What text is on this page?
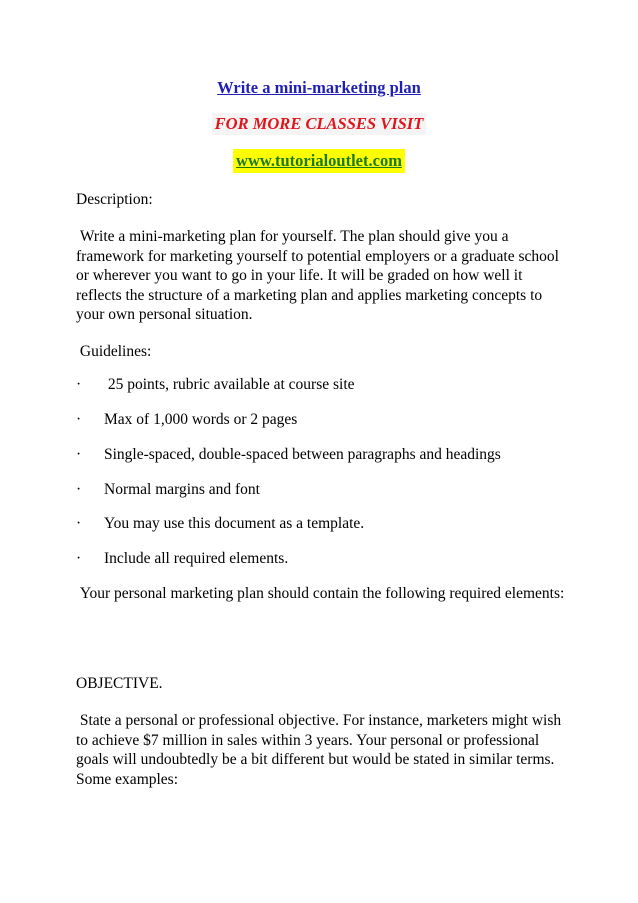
Write a mini-marketing plan
FOR MORE CLASSES VISIT
www.tutorialoutlet.com

Description:

Write a mini-marketing plan for yourself. The plan should give you a framework for marketing yourself to potential employers or a graduate school or wherever you want to go in your life. It will be graded on how well it reflects the structure of a marketing plan and applies marketing concepts to your own personal situation.

Guidelines:

· 25 points, rubric available at course site
· Max of 1,000 words or 2 pages
· Single-spaced, double-spaced between paragraphs and headings
· Normal margins and font
· You may use this document as a template.
· Include all required elements.

Your personal marketing plan should contain the following required elements:

OBJECTIVE.

State a personal or professional objective. For instance, marketers might wish to achieve $7 million in sales within 3 years. Your personal or professional goals will undoubtedly be a bit different but would be stated in similar terms. Some examples:
